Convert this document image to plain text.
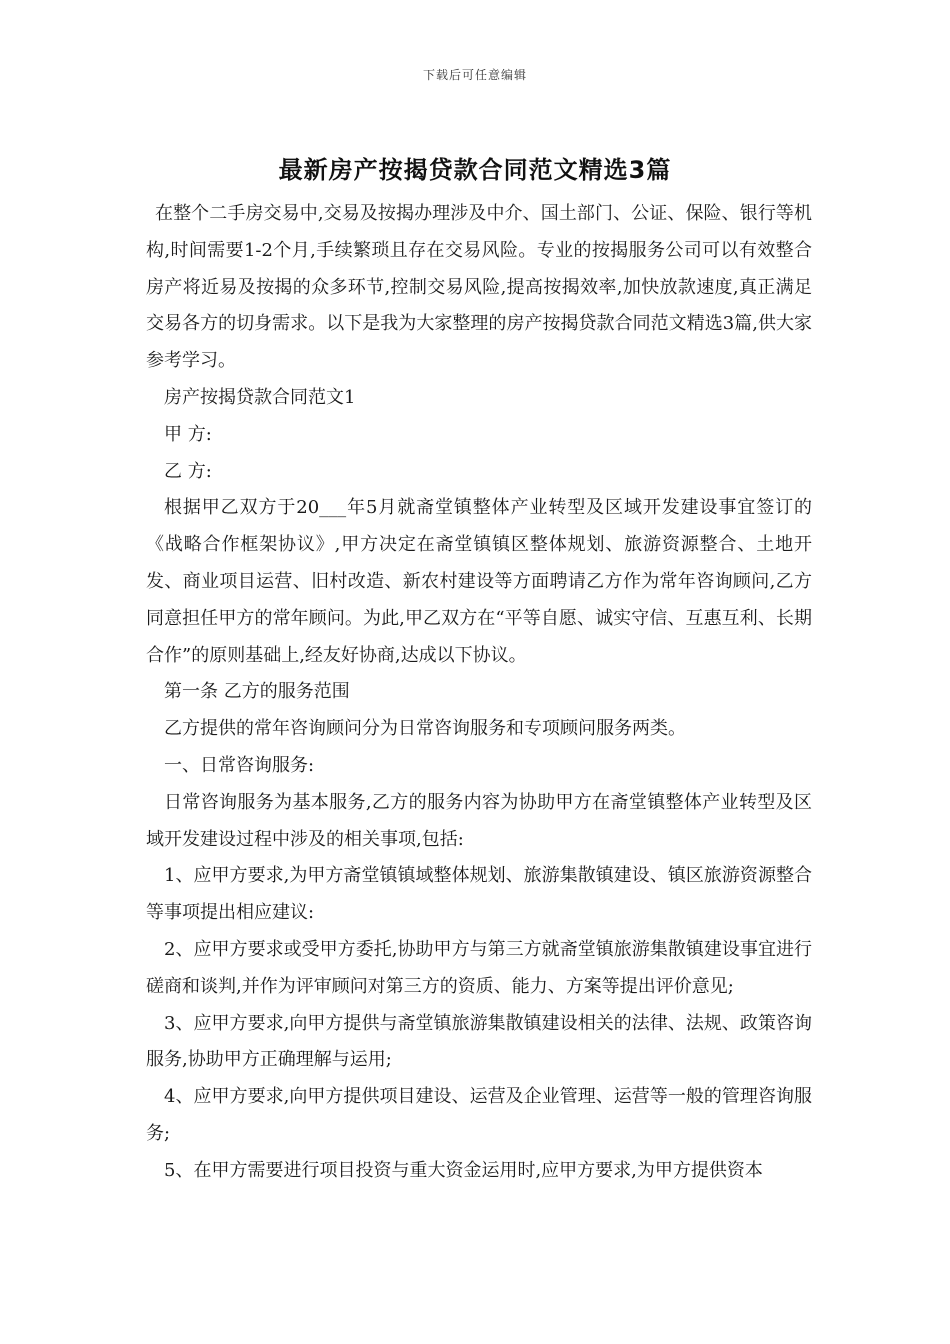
下载后可任意编辑
最新房产按揭贷款合同范文精选3篇

在整个二手房交易中,交易及按揭办理涉及中介、国土部门、公证、保险、银行等机构,时间需要1-2个月,手续繁琐且存在交易风险。专业的按揭服务公司可以有效整合房产将近易及按揭的众多环节,控制交易风险,提高按揭效率,加快放款速度,真正满足交易各方的切身需求。以下是我为大家整理的房产按揭贷款合同范文精选3篇,供大家参考学习。

房产按揭贷款合同范文1

甲 方:

乙 方:

根据甲乙双方于20___年5月就斋堂镇整体产业转型及区域开发建设事宜签订的《战略合作框架协议》,甲方决定在斋堂镇镇区整体规划、旅游资源整合、土地开发、商业项目运营、旧村改造、新农村建设等方面聘请乙方作为常年咨询顾问,乙方同意担任甲方的常年顾问。为此,甲乙双方在“平等自愿、诚实守信、互惠互利、长期合作”的原则基础上,经友好协商,达成以下协议。

第一条 乙方的服务范围

乙方提供的常年咨询顾问分为日常咨询服务和专项顾问服务两类。

一、日常咨询服务:

日常咨询服务为基本服务,乙方的服务内容为协助甲方在斋堂镇整体产业转型及区域开发建设过程中涉及的相关事项,包括:

1、应甲方要求,为甲方斋堂镇镇域整体规划、旅游集散镇建设、镇区旅游资源整合等事项提出相应建议:

2、应甲方要求或受甲方委托,协助甲方与第三方就斋堂镇旅游集散镇建设事宜进行磋商和谈判,并作为评审顾问对第三方的资质、能力、方案等提出评价意见;

3、应甲方要求,向甲方提供与斋堂镇旅游集散镇建设相关的法律、法规、政策咨询服务,协助甲方正确理解与运用;

4、应甲方要求,向甲方提供项目建设、运营及企业管理、运营等一般的管理咨询服务;

5、在甲方需要进行项目投资与重大资金运用时,应甲方要求,为甲方提供资本
